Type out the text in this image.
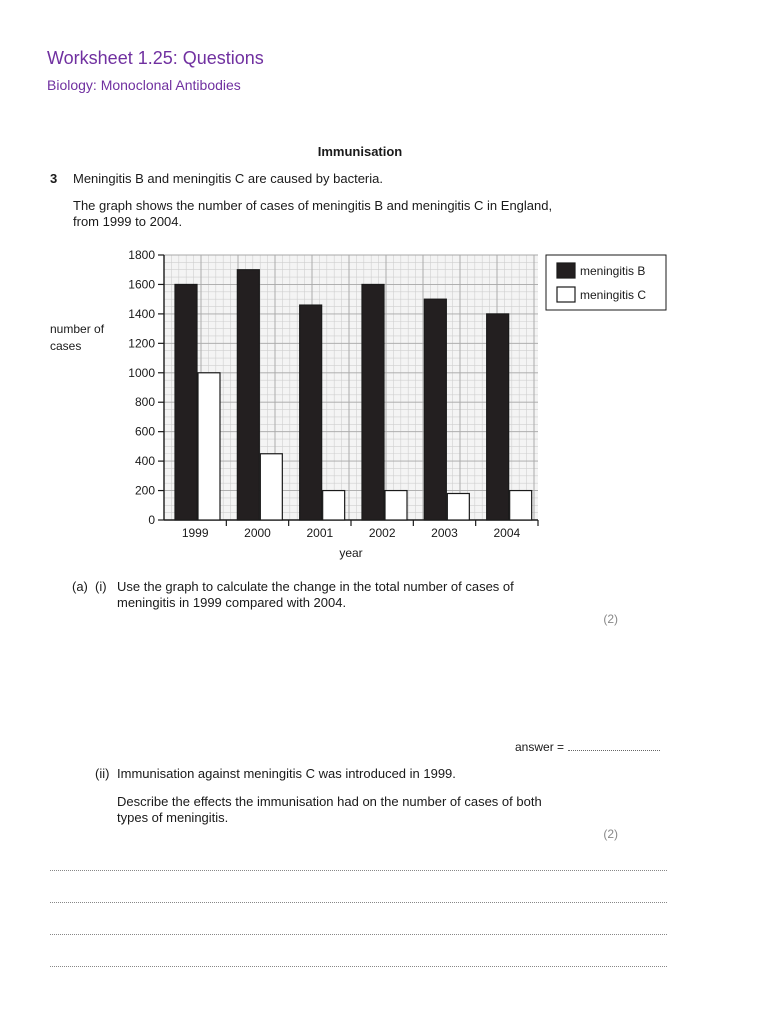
Worksheet 1.25: Questions
Biology: Monoclonal Antibodies
Immunisation
3 Meningitis B and meningitis C are caused by bacteria.
The graph shows the number of cases of meningitis B and meningitis C in England,
from 1999 to 2004.
0
200
400
600
800
1000
1200
1400
1600
1800
number of
cases
1999	2000	2001	2002	2003	2004
year
meningitis B
meningitis C
(a) (i) Use the graph to calculate the change in the total number of cases of
meningitis in 1999 compared with 2004.
(2)
answer =
(ii) Immunisation against meningitis C was introduced in 1999.
Describe the effects the immunisation had on the number of cases of both
types of meningitis.
(2)
